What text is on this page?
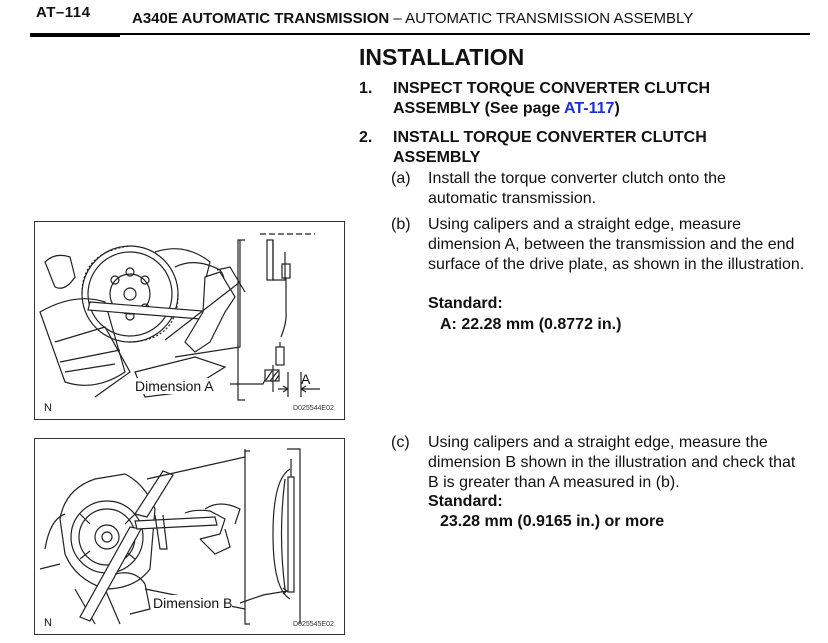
AT–114	A340E AUTOMATIC TRANSMISSION – AUTOMATIC TRANSMISSION ASSEMBLY
INSTALLATION
1. INSPECT TORQUE CONVERTER CLUTCH ASSEMBLY (See page AT-117)
2. INSTALL TORQUE CONVERTER CLUTCH ASSEMBLY
(a) Install the torque converter clutch onto the automatic transmission.
(b) Using calipers and a straight edge, measure dimension A, between the transmission and the end surface of the drive plate, as shown in the illustration.
Standard:
A: 22.28 mm (0.8772 in.)
(c) Using calipers and a straight edge, measure the dimension B shown in the illustration and check that B is greater than A measured in (b).
Standard:
23.28 mm (0.9165 in.) or more
Dimension A	A
N	D025544E02
Dimension B
N	D025545E02
